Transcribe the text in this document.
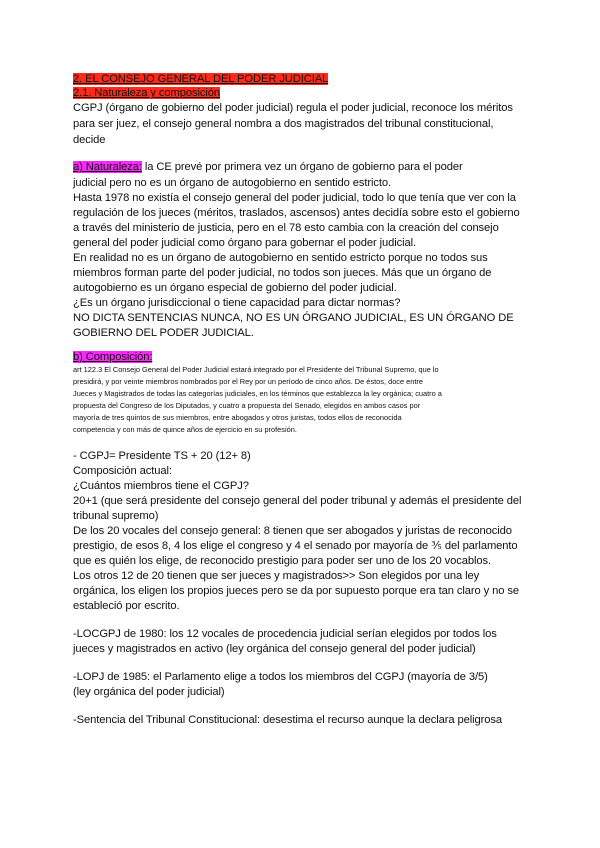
2. EL CONSEJO GENERAL DEL PODER JUDICIAL
2.1. Naturaleza y composición
CGPJ (órgano de gobierno del poder judicial) regula el poder judicial, reconoce los méritos
para ser juez, el consejo general nombra a dos magistrados del tribunal constitucional,
decide
a) Naturaleza: la CE prevé por primera vez un órgano de gobierno para el poder
judicial pero no es un órgano de autogobierno en sentido estricto.
Hasta 1978 no existía el consejo general del poder judicial, todo lo que tenía que ver con la
regulación de los jueces (méritos, traslados, ascensos) antes decidía sobre esto el gobierno
a través del ministerio de justicia, pero en el 78 esto cambia con la creación del consejo
general del poder judicial como órgano para gobernar el poder judicial.
En realidad no es un órgano de autogobierno en sentido estricto porque no todos sus
miembros forman parte del poder judicial, no todos son jueces. Más que un órgano de
autogobierno es un órgano especial de gobierno del poder judicial.
¿Es un órgano jurisdiccional o tiene capacidad para dictar normas?
NO DICTA SENTENCIAS NUNCA, NO ES UN ÓRGANO JUDICIAL, ES UN ÓRGANO DE
GOBIERNO DEL PODER JUDICIAL.
b) Composición:
art 122.3 El Consejo General del Poder Judicial estará integrado por el Presidente del Tribunal Supremo, que lo
presidirá, y por veinte miembros nombrados por el Rey por un período de cinco años. De éstos, doce entre
Jueces y Magistrados de todas las categorías judiciales, en los términos que establezca la ley orgánica; cuatro a
propuesta del Congreso de los Diputados, y cuatro a propuesta del Senado, elegidos en ambos casos por
mayoría de tres quintos de sus miembros, entre abogados y otros juristas, todos ellos de reconocida
competencia y con más de quince años de ejercicio en su profesión.
- CGPJ= Presidente TS + 20 (12+ 8)
Composición actual:
¿Cuántos miembros tiene el CGPJ?
20+1 (que será presidente del consejo general del poder tribunal y además el presidente del
tribunal supremo)
De los 20 vocales del consejo general: 8 tienen que ser abogados y juristas de reconocido
prestigio, de esos 8, 4 los elige el congreso y 4 el senado por mayoría de ⅗ del parlamento
que es quién los elige, de reconocido prestigio para poder ser uno de los 20 vocablos.
Los otros 12 de 20 tienen que ser jueces y magistrados>> Son elegidos por una ley
orgánica, los eligen los propios jueces pero se da por supuesto porque era tan claro y no se
estableció por escrito.
-LOCGPJ de 1980: los 12 vocales de procedencia judicial serían elegidos por todos los
jueces y magistrados en activo (ley orgánica del consejo general del poder judicial)
-LOPJ de 1985: el Parlamento elige a todos los miembros del CGPJ (mayoría de 3/5)
(ley orgánica del poder judicial)
-Sentencia del Tribunal Constitucional: desestima el recurso aunque la declara peligrosa
